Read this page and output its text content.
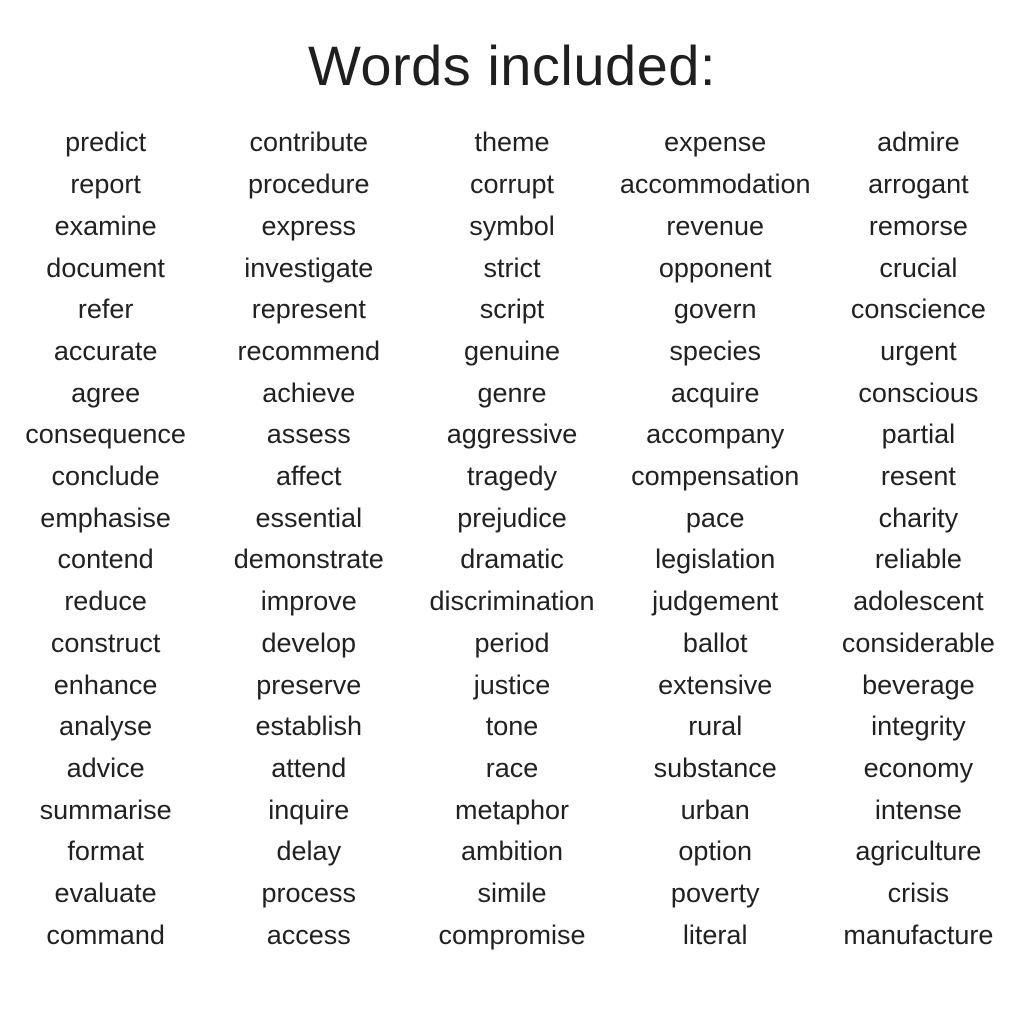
Words included:
predict
report
examine
document
refer
accurate
agree
consequence
conclude
emphasise
contend
reduce
construct
enhance
analyse
advice
summarise
format
evaluate
command
contribute
procedure
express
investigate
represent
recommend
achieve
assess
affect
essential
demonstrate
improve
develop
preserve
establish
attend
inquire
delay
process
access
theme
corrupt
symbol
strict
script
genuine
genre
aggressive
tragedy
prejudice
dramatic
discrimination
period
justice
tone
race
metaphor
ambition
simile
compromise
expense
accommodation
revenue
opponent
govern
species
acquire
accompany
compensation
pace
legislation
judgement
ballot
extensive
rural
substance
urban
option
poverty
literal
admire
arrogant
remorse
crucial
conscience
urgent
conscious
partial
resent
charity
reliable
adolescent
considerable
beverage
integrity
economy
intense
agriculture
crisis
manufacture
